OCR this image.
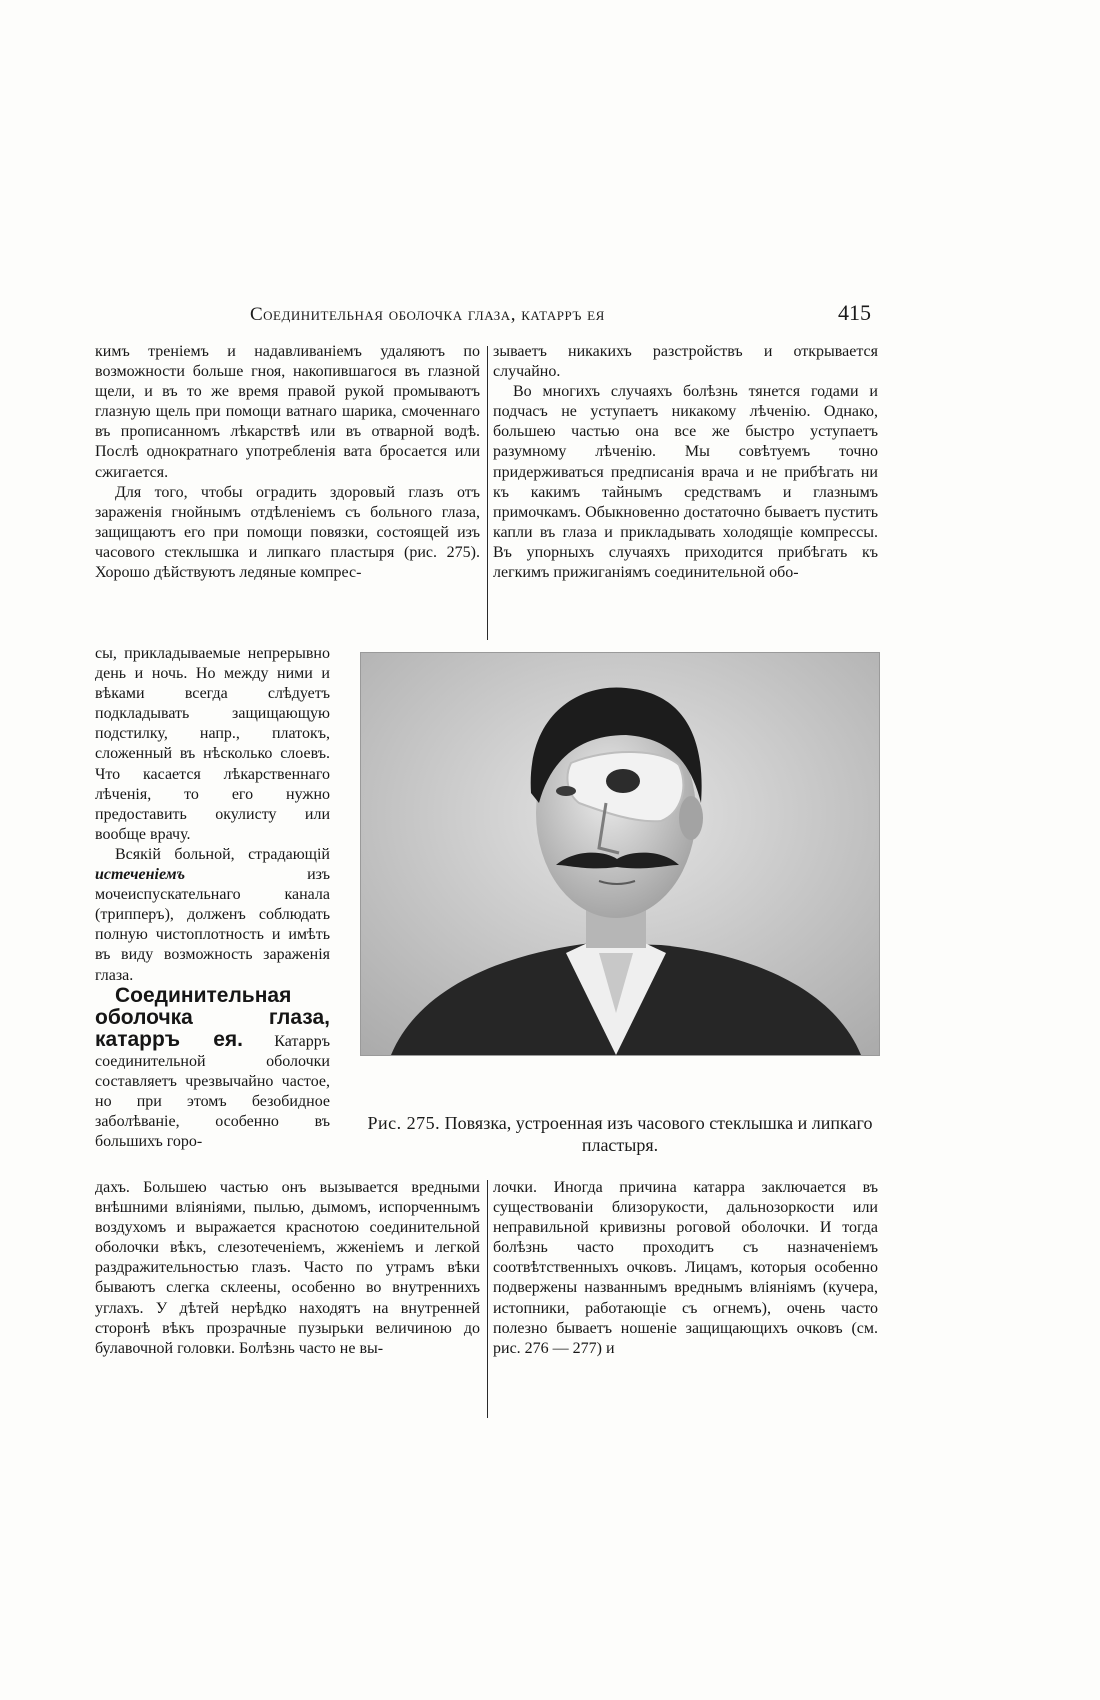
Соединительная оболочка глаза, катарръ ея	415

кимъ треніемъ и надавливаніемъ удаляютъ по возможности больше гноя, накопившагося въ глазной щели, и въ то же время правой рукой промываютъ глазную щель при помощи ватнаго шарика, смоченнаго въ прописанномъ лѣкарствѣ или въ отварной водѣ. Послѣ однократнаго употребленія вата бросается или сжигается.

Для того, чтобы оградить здоровый глазъ отъ зараженія гнойнымъ отдѣленіемъ съ больного глаза, защищаютъ его при помощи повязки, состоящей изъ часового стеклышка и липкаго пластыря (рис. 275). Хорошо дѣйствуютъ ледяные компрес-

зываетъ никакихъ разстройствъ и открывается случайно.

Во многихъ случаяхъ болѣзнь тянется годами и подчасъ не уступаетъ никакому лѣченію. Однако, большею частью она все же быстро уступаетъ разумному лѣченію. Мы совѣтуемъ точно придерживаться предписанія врача и не прибѣгать ни къ какимъ тайнымъ средствамъ и глазнымъ примочкамъ. Обыкновенно достаточно бываетъ пустить капли въ глаза и прикладывать холодящіе компрессы. Въ упорныхъ случаяхъ приходится прибѣгать къ легкимъ прижиганіямъ соединительной обо-

сы, прикладываемые непрерывно день и ночь. Но между ними и вѣками всегда слѣдуетъ подкладывать защищающую подстилку, напр., платокъ, сложенный въ нѣсколько слоевъ. Что касается лѣкарственнаго лѣченія, то его нужно предоставить окулисту или вообще врачу.

Всякій больной, страдающій истеченіемъ	изъ мочеиспускательнаго канала (трипперъ), долженъ соблюдать полную чистоплотность и имѣть въ виду возможность зараженія глаза.

Соединительная оболочка глаза, катарръ ея. Катарръ соединительной оболочки составляетъ чрезвычайно частое, но при этомъ безобидное заболѣваніе, особенно въ большихъ горо-

Рис. 275. Повязка, устроенная изъ часового стеклышка и липкаго пластыря.

дахъ. Большею частью онъ вызывается вредными внѣшними вліяніями, пылью, дымомъ, испорченнымъ воздухомъ и выражается краснотою соединительной оболочки вѣкъ, слезотеченіемъ, жженіемъ и легкой раздражительностью глазъ. Часто по утрамъ вѣки бываютъ слегка склеены, особенно во внутреннихъ углахъ. У дѣтей нерѣдко находятъ на внутренней сторонѣ вѣкъ прозрачные пузырьки величиною до булавочной головки. Болѣзнь часто не вы-

лочки. Иногда причина катарра заключается въ существованіи близорукости, дальнозоркости или неправильной кривизны роговой оболочки. И тогда болѣзнь часто проходитъ съ назначеніемъ соотвѣтственныхъ очковъ. Лицамъ, которыя особенно подвержены названнымъ вреднымъ вліяніямъ (кучера, истопники, работающіе съ огнемъ), очень часто полезно бываетъ ношеніе защищающихъ очковъ (см. рис. 276 — 277) и
